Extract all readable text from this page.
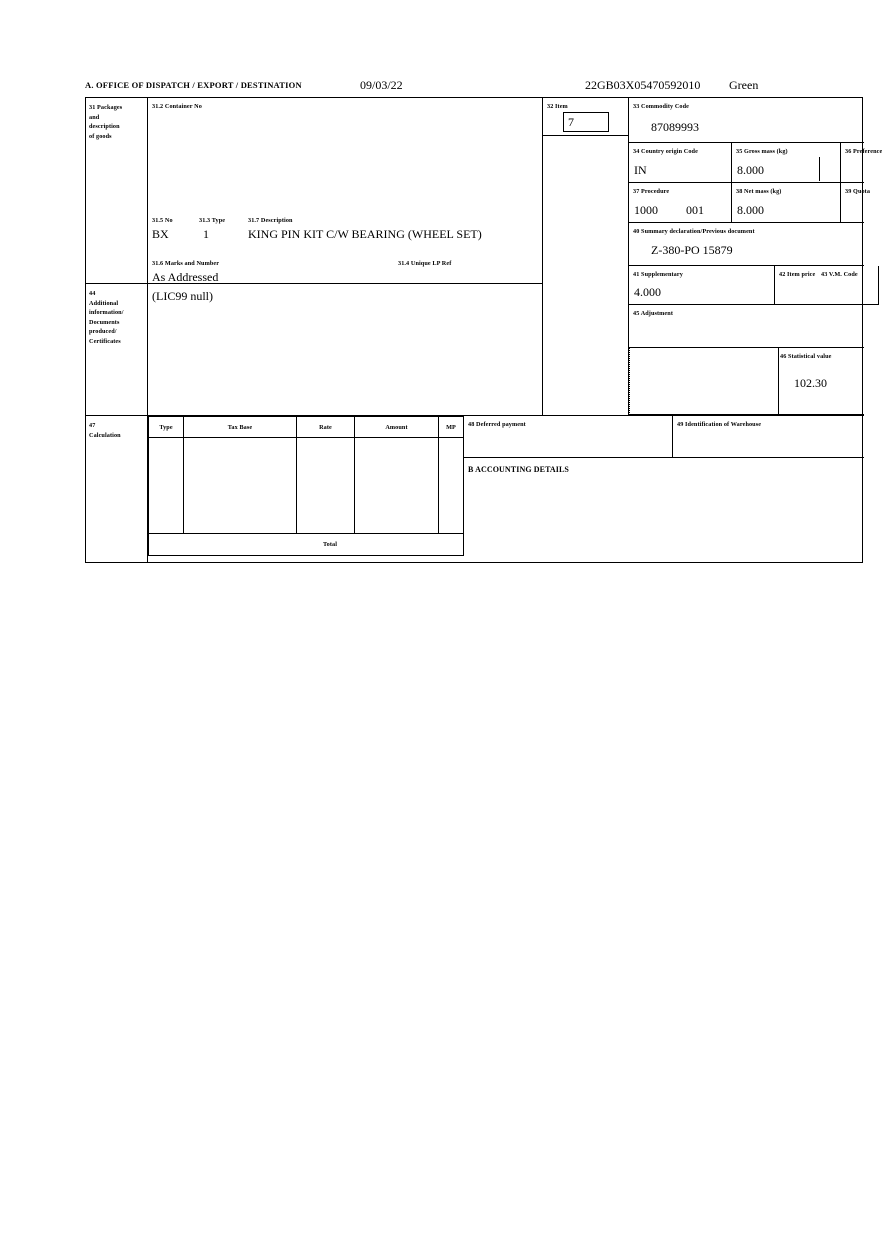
A. OFFICE OF DISPATCH / EXPORT / DESTINATION	09/03/22	22GB03X05470592010 Green
31 Packages
and
description
of goods
31.2 Container No
31.5 No	31.3 Type	31.7 Description
BX	1	KING PIN KIT C/W BEARING (WHEEL SET)
31.6 Marks and Number	31.4 Unique LP Ref
As Addressed
32 Item
7
33 Commodity Code
87089993
34 Country origin Code
IN
35 Gross mass (kg)
8.000
36 Preference
37 Procedure
1000 001
38 Net mass (kg)
8.000
39 Quota
40 Summary declaration/Previous document
Z-380-PO 15879
41 Supplementary
4.000
42 Item price 43 V.M. Code
44
Additional
information/
Documents
produced/
Certificates
(LIC99 null)
45 Adjustment
46 Statistical value
102.30
47
Calculation
Type	Tax Base	Rate	Amount	MP
Total
48 Deferred payment	49 Identification of Warehouse
B ACCOUNTING DETAILS
